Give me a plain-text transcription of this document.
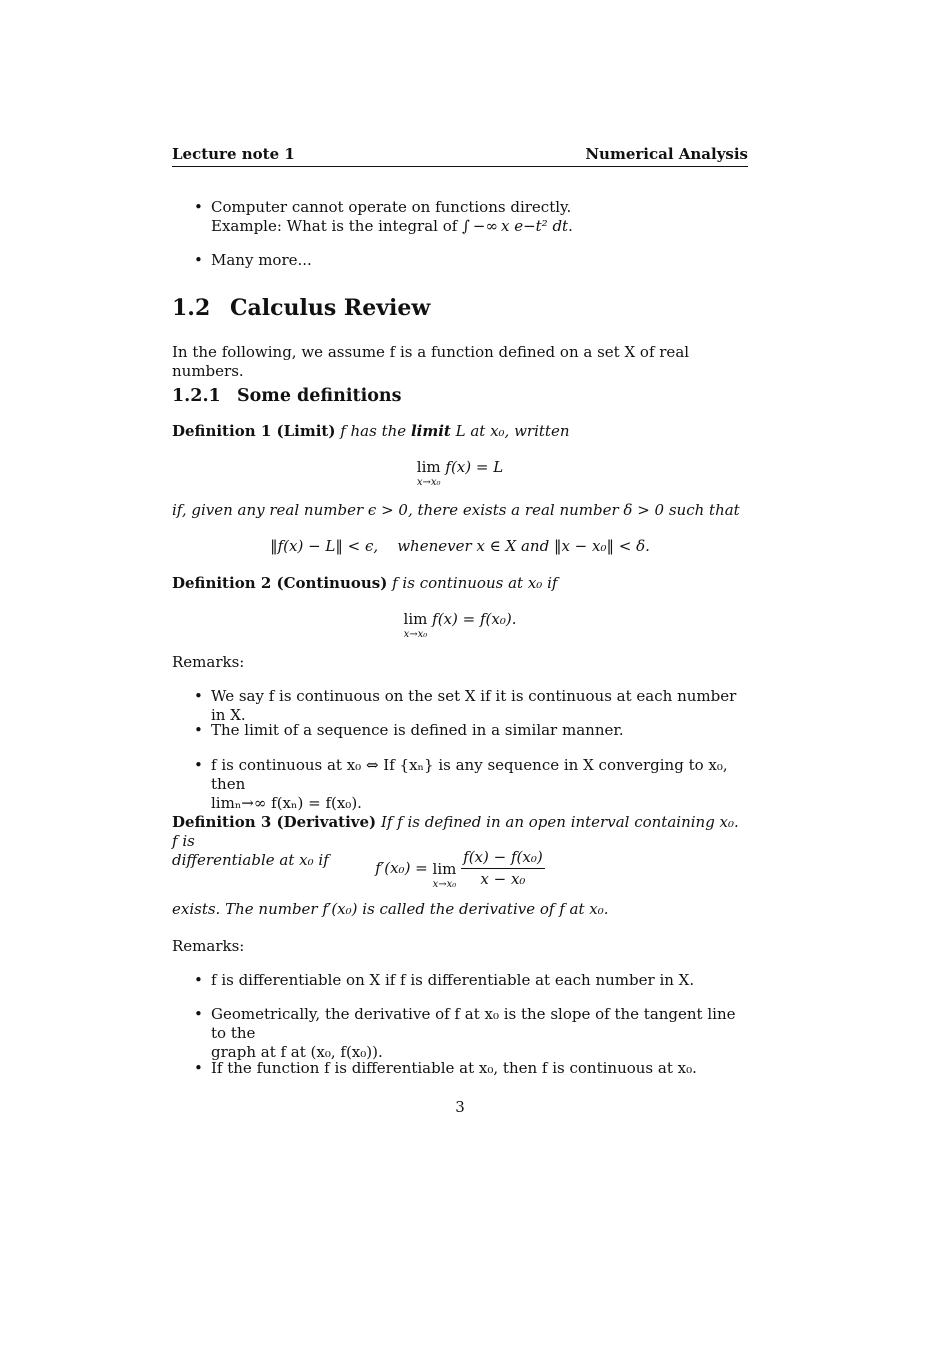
Lecture note 1	Numerical Analysis
• Computer cannot operate on functions directly.
Example: What is the integral of ∫ −∞ x e−t² dt.
• Many more...
1.2 Calculus Review
In the following, we assume f is a function defined on a set X of real numbers.
1.2.1 Some definitions
Definition 1 (Limit) f has the limit L at x₀, written
lim
x→x₀
f(x) = L
if, given any real number ϵ > 0, there exists a real number δ > 0 such that
‖f(x) − L‖ < ϵ,    whenever x ∈ X and ‖x − x₀‖ < δ.
Definition 2 (Continuous) f is continuous at x₀ if
lim
x→x₀
f(x) = f(x₀).
Remarks:
• We say f is continuous on the set X if it is continuous at each number in X.
• The limit of a sequence is defined in a similar manner.
• f is continuous at x₀ ⇔ If {xₙ} is any sequence in X converging to x₀, then
limₙ→∞ f(xₙ) = f(x₀).
Definition 3 (Derivative) If f is defined in an open interval containing x₀. f is
differentiable at x₀ if	f′(x₀) = lim
x→x₀
$\frac{\text{f(x) − f(x₀)}}{\text{x − x₀}}$
exists. The number f′(x₀) is called the derivative of f at x₀.
Remarks:
• f is differentiable on X if f is differentiable at each number in X.
• Geometrically, the derivative of f at x₀ is the slope of the tangent line to the
graph at f at (x₀, f(x₀)).
• If the function f is differentiable at x₀, then f is continuous at x₀.
3
